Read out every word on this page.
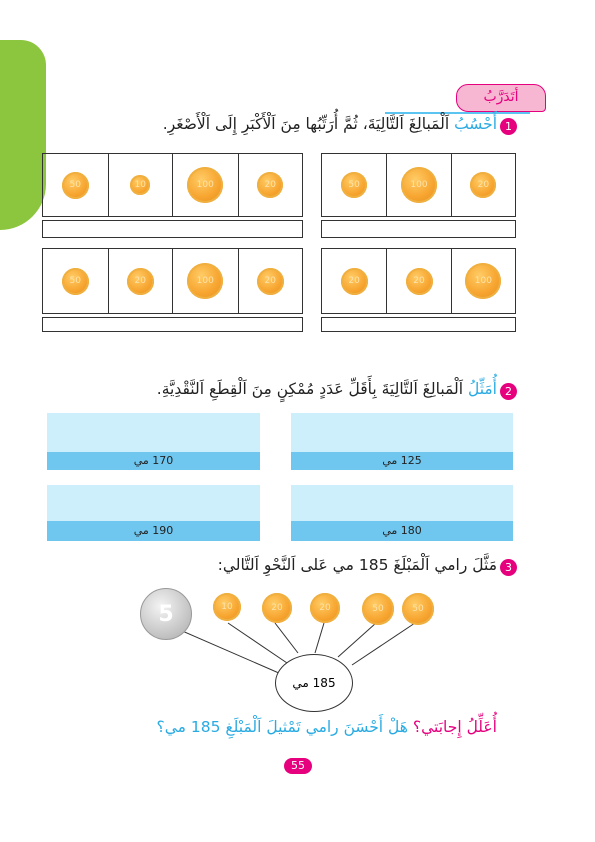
أتَدَرَّبُ
1
أَحْسُبُ اَلْمَبالِغَ اَلتَّالِيَةَ، ثُمَّ أُرَتِّبُها مِنَ اَلْأَكْبَرِ إِلَى اَلْأَصْغَرِ.
50	100	20
50	10	100	20
20	20	100
50	20	100	20
2
أُمَثِّلُ اَلْمَبالِغَ اَلتَّالِيَةَ بِأَقَلِّ عَدَدٍ مُمْكِنٍ مِنَ اَلْقِطَعِ اَلنَّقْدِيَّةِ.
125 مي
170 مي
180 مي
190 مي
3
مَثَّلَ رامي اَلْمَبْلَغَ 185 مي عَلى اَلنَّحْوِ اَلتَّالي:
5	10	20	20	50	50
185 مي
أُعَلِّلُ إِجابَتي؟ هَلْ أَحْسَنَ رامي تَمْثيلَ اَلْمَبْلَغِ 185 مي؟
55
